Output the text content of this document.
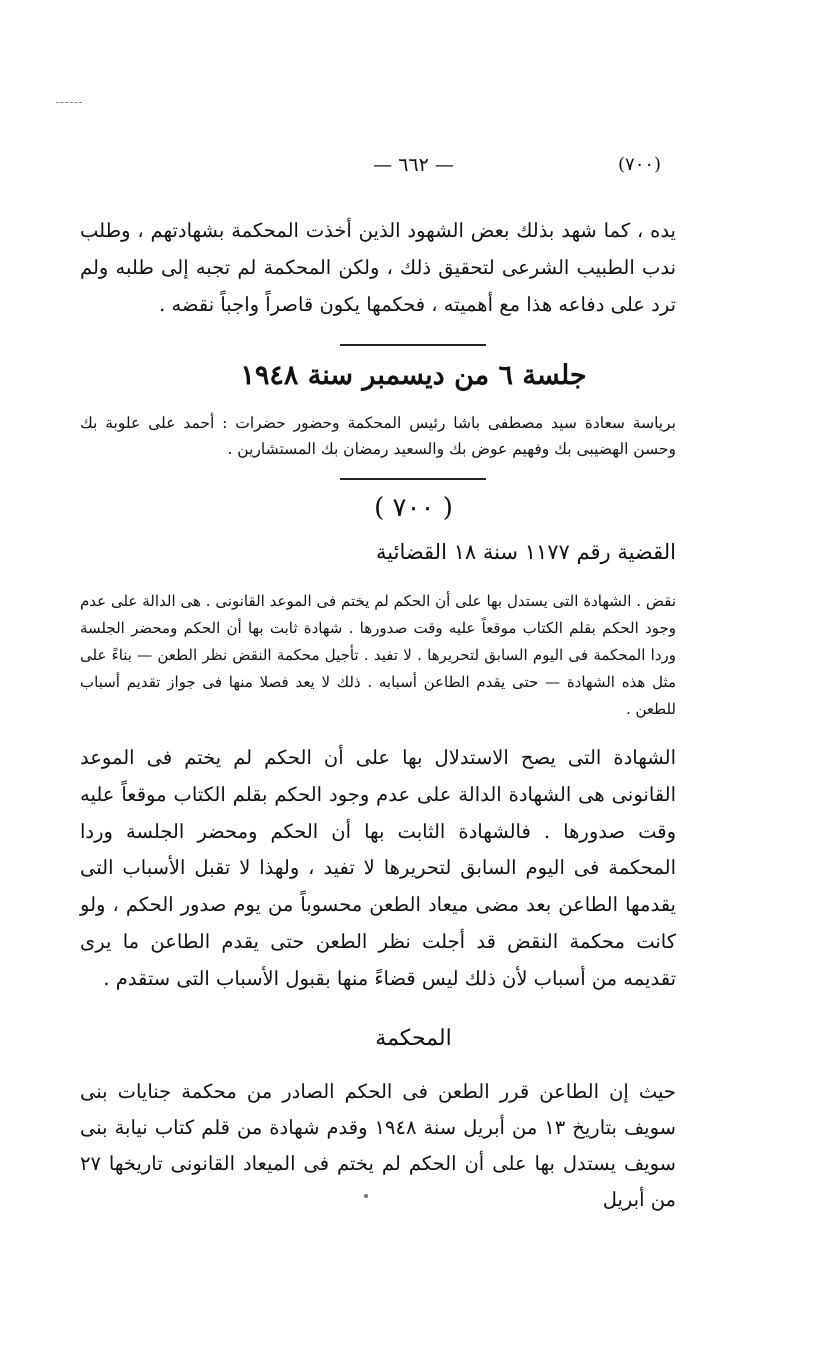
— ٦٦٢ —	(٧٠٠)
يده ، كما شهد بذلك بعض الشهود الذين أخذت المحكمة بشهادتهم ، وطلب ندب الطبيب الشرعى لتحقيق ذلك ، ولكن المحكمة لم تجبه إلى طلبه ولم ترد على دفاعه هذا مع أهميته ، فحكمها يكون قاصراً واجباً نقضه .
جلسة ٦ من ديسمبر سنة ١٩٤٨
برياسة سعادة سيد مصطفى باشا رئيس المحكمة وحضور حضرات : أحمد على علوبة بك وحسن الهضيبى بك وفهيم عوض بك والسعيد رمضان بك المستشارين .
( ٧٠٠ )
القضية رقم ١١٧٧ سنة ١٨ القضائية
نقض . الشهادة التى يستدل بها على أن الحكم لم يختم فى الموعد القانونى . هى الدالة على عدم وجود الحكم بقلم الكتاب موقعاً عليه وقت صدورها . شهادة ثابت بها أن الحكم ومحضر الجلسة وردا المحكمة فى اليوم السابق لتحريرها . لا تفيد . تأجيل محكمة النقض نظر الطعن — بناءً على مثل هذه الشهادة — حتى يقدم الطاعن أسبابه . ذلك لا يعد فصلا منها فى جواز تقديم أسباب للطعن .
الشهادة التى يصح الاستدلال بها على أن الحكم لم يختم فى الموعد القانونى هى الشهادة الدالة على عدم وجود الحكم بقلم الكتاب موقعاً عليه وقت صدورها . فالشهادة الثابت بها أن الحكم ومحضر الجلسة وردا المحكمة فى اليوم السابق لتحريرها لا تفيد ، ولهذا لا تقبل الأسباب التى يقدمها الطاعن بعد مضى ميعاد الطعن محسوباً من يوم صدور الحكم ، ولو كانت محكمة النقض قد أجلت نظر الطعن حتى يقدم الطاعن ما يرى تقديمه من أسباب لأن ذلك ليس قضاءً منها بقبول الأسباب التى ستقدم .
المحكمة
حيث إن الطاعن قرر الطعن فى الحكم الصادر من محكمة جنايات بنى سويف بتاريخ ١٣ من أبريل سنة ١٩٤٨ وقدم شهادة من قلم كتاب نيابة بنى سويف يستدل بها على أن الحكم لم يختم فى الميعاد القانونى تاريخها ٢٧ من أبريل
